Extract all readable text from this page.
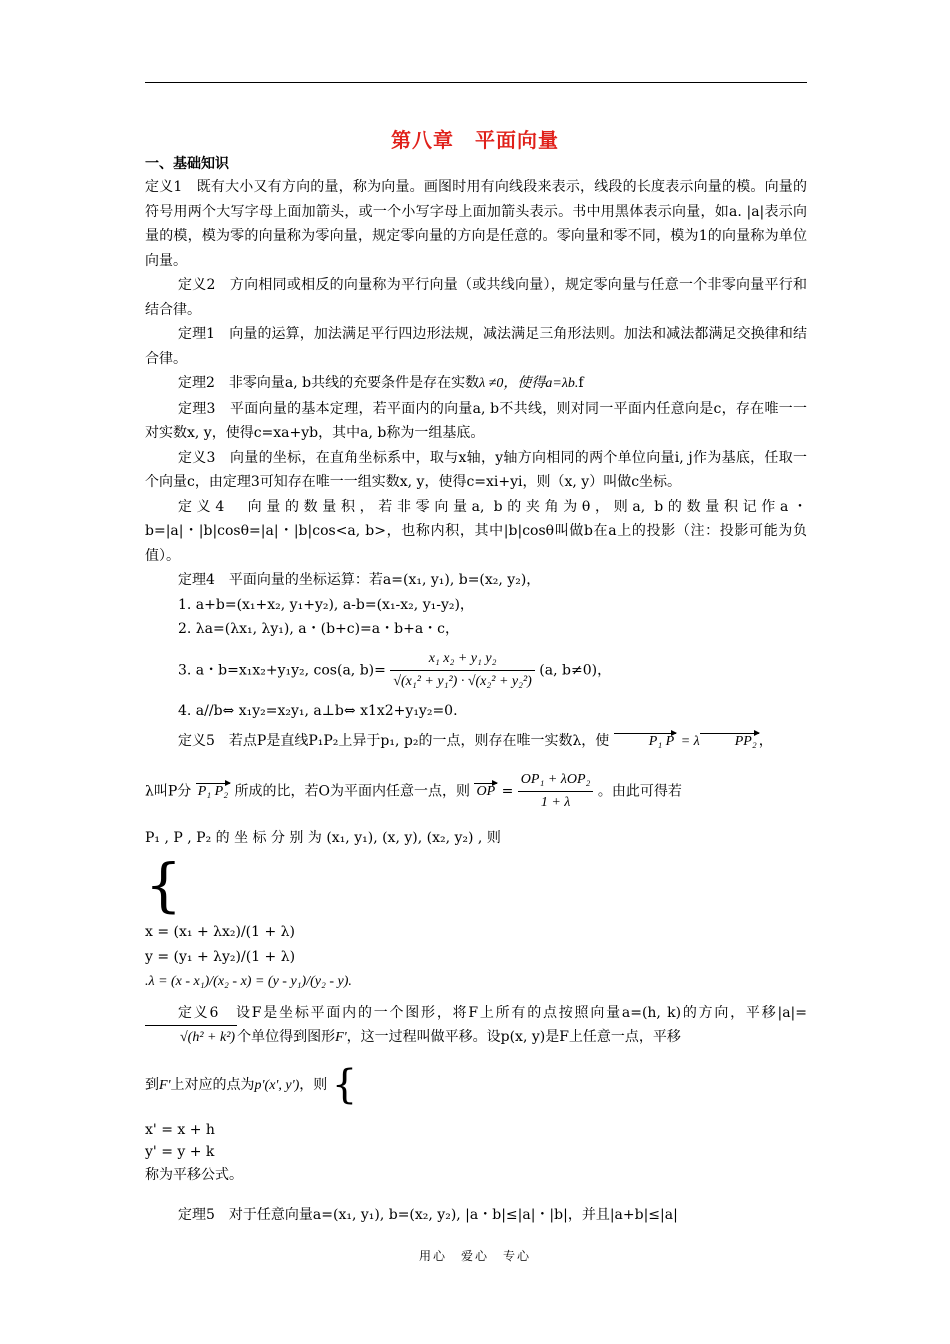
第八章　平面向量
一、基础知识

定义1　既有大小又有方向的量，称为向量。画图时用有向线段来表示，线段的长度表示向量的模。向量的符号用两个大写字母上面加箭头，或一个小写字母上面加箭头表示。书中用黑体表示向量，如a. |a|表示向量的模，模为零的向量称为零向量，规定零向量的方向是任意的。零向量和零不同，模为1的向量称为单位向量。

定义2　方向相同或相反的向量称为平行向量（或共线向量），规定零向量与任意一个非零向量平行和结合律。

定理1　向量的运算，加法满足平行四边形法规，减法满足三角形法则。加法和减法都满足交换律和结合律。

定理2　非零向量a, b共线的充要条件是存在实数λ ≠0，使得a=λb.f

定理3　平面向量的基本定理，若平面内的向量a, b不共线，则对同一平面内任意向是c，存在唯一一对实数x, y，使得c=xa+yb，其中a, b称为一组基底。

定义3　向量的坐标，在直角坐标系中，取与x轴，y轴方向相同的两个单位向量i, j作为基底，任取一个向量c，由定理3可知存在唯一一组实数x, y，使得c=xi+yi，则（x, y）叫做c坐标。

定义4　向量的数量积，若非零向量a, b的夹角为θ，则a, b的数量积记作a・b=|a|・|b|cosθ=|a|・|b|cos<a, b>，也称内积，其中|b|cosθ叫做b在a上的投影（注：投影可能为负值）。

定理4　平面向量的坐标运算：若a=(x₁, y₁), b=(x₂, y₂)，

1. a+b=(x₁+x₂, y₁+y₂), a-b=(x₁-x₂, y₁-y₂)，

2. λa=(λx₁, λy₁), a・(b+c)=a・b+a・c，

3. a・b=x₁x₂+y₁y₂, cos(a, $b)= \frac{\text{x₁ x₂ + y₁ y₂}}{\text{√(x₁² + y₁²) · √(x₂² + y₂²)}} (a$, b≠0)，

4. a//b⇔ x₁y₂=x₂y₁, a⊥b⇔ x1x2+y₁y₂=0.

定义5　若点P是直线P₁P₂上异于p₁, p₂的一点，则存在唯一实数λ，使	P₁ P = λ	PP₂ ，

λ叫P分 P₁ P₂ 所成的比，若O为平面内任意一点，则 OP = $\frac{\text{OP₁ + λOP₂}}{1 + \lambda}$ 。由此可得若

P₁ , P , P₂ 的 坐 标 分 别 为 (x₁, y₁), (x, y), (x₂, y₂) , 则

{

x = (x₁ + λx₂)/(1 + λ)
y = (y₁ + λy₂)/(1 + λ)
.λ = (x - x₁)/(x₂ - x) = (y - y₁)/(y₂ - y).

定义6　设F是坐标平面内的一个图形，将F上所有的点按照向量a=(h, k)的方向，平移|a|=√(h² + k²) 个单位得到图形F'，这一过程叫做平移。设p(x, y)是F上任意一点，平移

到F'上对应的点为p'(x', y')，则 {

x' = x + h
y' = y + k
称为平移公式。

定理5　对于任意向量a=(x₁, y₁), b=(x₂, y₂), |a・b|≤|a|・|b|，并且|a+b|≤|a|

用心　爱心　专心
